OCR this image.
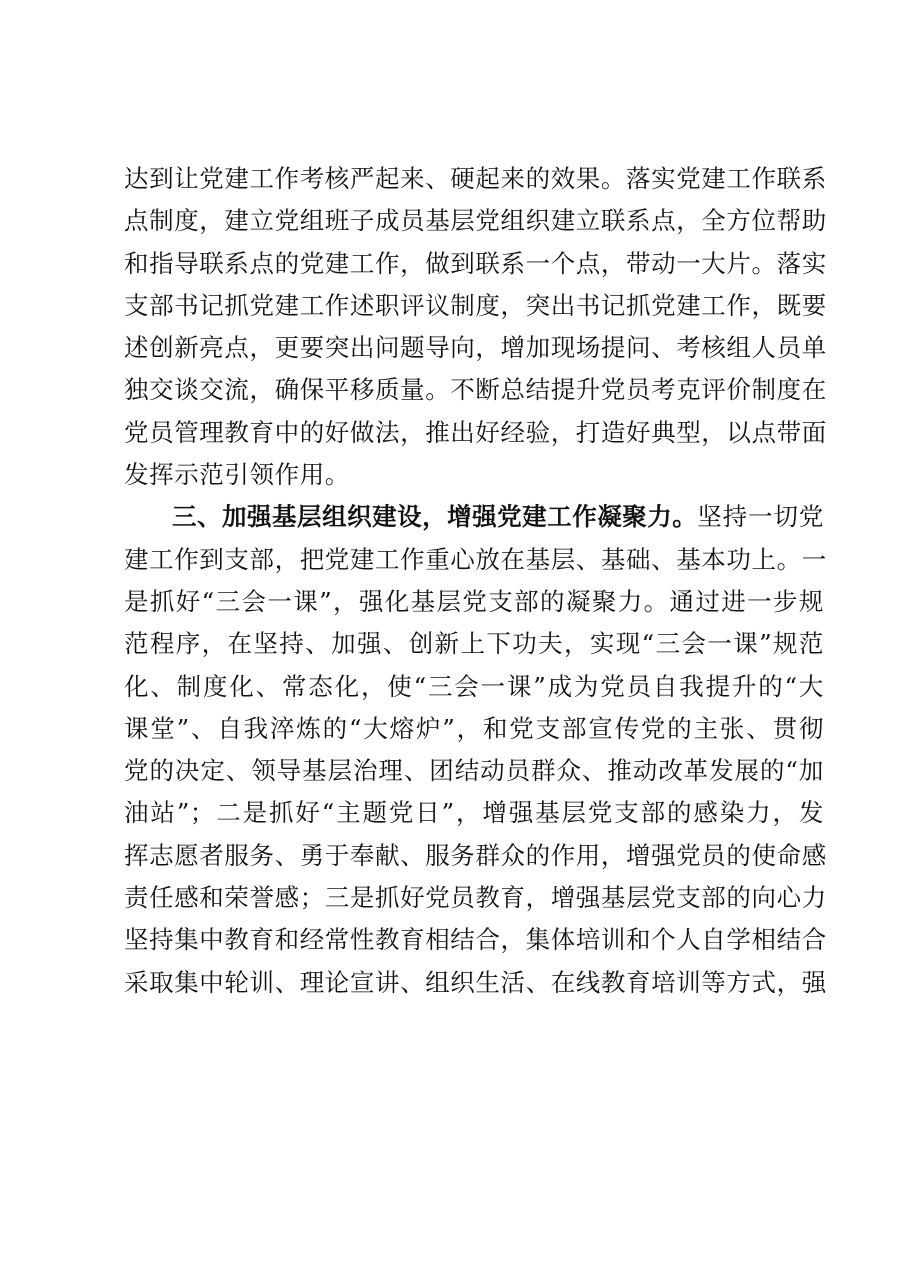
达到让党建工作考核严起来、硬起来的效果。落实党建工作联系
点制度，建立党组班子成员基层党组织建立联系点，全方位帮助
和指导联系点的党建工作，做到联系一个点，带动一大片。落实
支部书记抓党建工作述职评议制度，突出书记抓党建工作，既要
述创新亮点，更要突出问题导向，增加现场提问、考核组人员单
独交谈交流，确保平移质量。不断总结提升党员考克评价制度在
党员管理教育中的好做法，推出好经验，打造好典型，以点带面
发挥示范引领作用。
三、加强基层组织建设，增强党建工作凝聚力。坚持一切党
建工作到支部，把党建工作重心放在基层、基础、基本功上。一
是抓好“三会一课”，强化基层党支部的凝聚力。通过进一步规
范程序，在坚持、加强、创新上下功夫，实现“三会一课”规范
化、制度化、常态化，使“三会一课”成为党员自我提升的“大
课堂”、自我淬炼的“大熔炉”，和党支部宣传党的主张、贯彻
党的决定、领导基层治理、团结动员群众、推动改革发展的“加
油站”；二是抓好“主题党日”，增强基层党支部的感染力，发
挥志愿者服务、勇于奉献、服务群众的作用，增强党员的使命感
责任感和荣誉感；三是抓好党员教育，增强基层党支部的向心力
坚持集中教育和经常性教育相结合，集体培训和个人自学相结合
采取集中轮训、理论宣讲、组织生活、在线教育培训等方式，强
